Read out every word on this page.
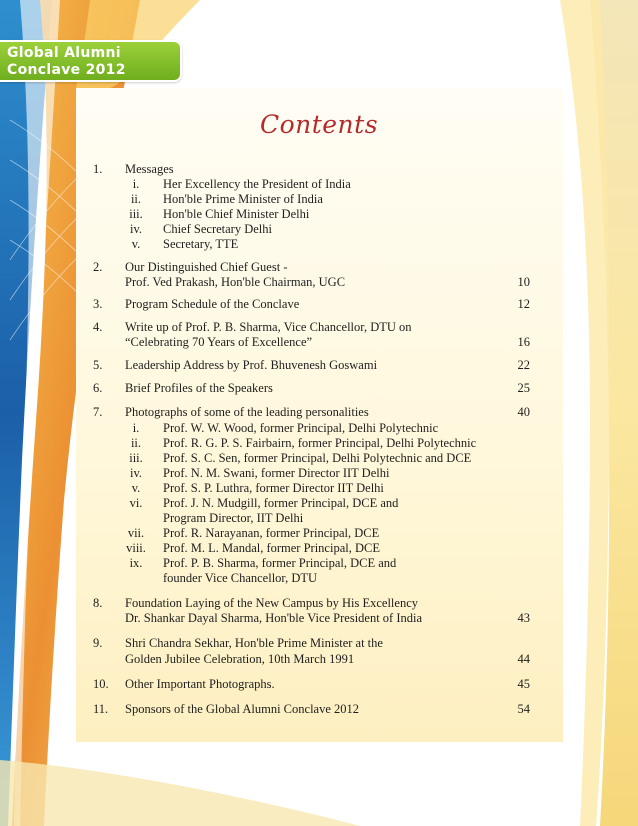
Global Alumni
Conclave 2012
Contents
1. Messages
i.	Her Excellency the President of India
ii.	Hon'ble Prime Minister of India
iii.	Hon'ble Chief Minister Delhi
iv.	Chief Secretary Delhi
v.	Secretary, TTE
2. Our Distinguished Chief Guest -
Prof. Ved Prakash, Hon'ble Chairman, UGC	10
3. Program Schedule of the Conclave	12
4. Write up of Prof. P. B. Sharma, Vice Chancellor, DTU on
“Celebrating 70 Years of Excellence”	16
5. Leadership Address by Prof. Bhuvenesh Goswami	22
6. Brief Profiles of the Speakers	25
7. Photographs of some of the leading personalities	40
i.	Prof. W. W. Wood, former Principal, Delhi Polytechnic
ii.	Prof. R. G. P. S. Fairbairn, former Principal, Delhi Polytechnic
iii.	Prof. S. C. Sen, former Principal, Delhi Polytechnic and DCE
iv.	Prof. N. M. Swani, former Director IIT Delhi
v.	Prof. S. P. Luthra, former Director IIT Delhi
vi.	Prof. J. N. Mudgill, former Principal, DCE and
Program Director, IIT Delhi
vii. Prof. R. Narayanan, former Principal, DCE
viii. Prof. M. L. Mandal, former Principal, DCE
ix.	Prof. P. B. Sharma, former Principal, DCE and
founder Vice Chancellor, DTU
8. Foundation Laying of the New Campus by His Excellency
Dr. Shankar Dayal Sharma, Hon'ble Vice President of India	43
9. Shri Chandra Sekhar, Hon'ble Prime Minister at the
Golden Jubilee Celebration, 10th March 1991	44
10. Other Important Photographs.	45
11. Sponsors of the Global Alumni Conclave 2012	54
